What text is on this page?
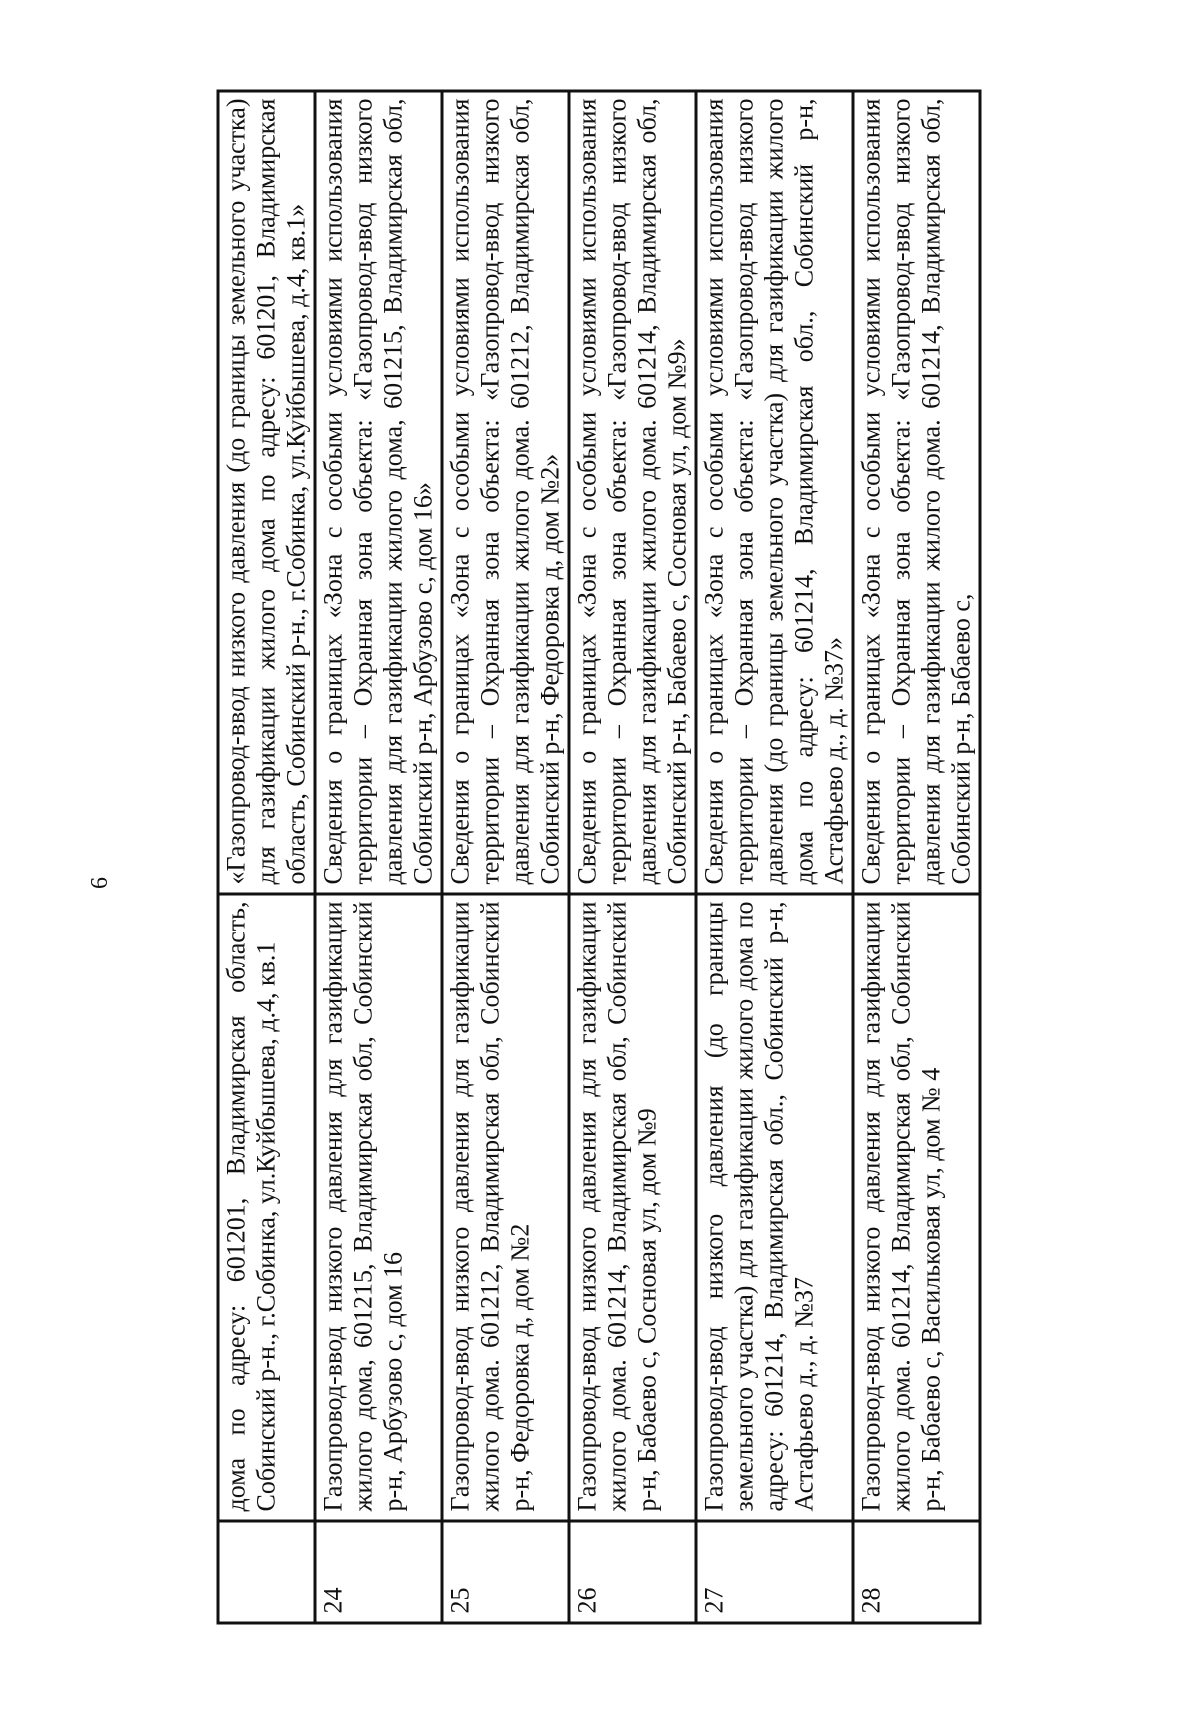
6
	дома по адресу: 601201, Владимирская область, Собинский р-н., г.Собинка, ул.Куйбышева, д.4, кв.1	«Газопровод-ввод низкого давления (до границы земельного участка) для газификации жилого дома по адресу: 601201, Владимирская область, Собинский р-н., г.Собинка, ул.Куйбышева, д.4, кв.1»
24	Газопровод-ввод низкого давления для газификации жилого дома, 601215, Владимирская обл, Собинский р-н, Арбузово с, дом 16	Сведения о границах «Зона с особыми условиями использования территории – Охранная зона объекта: «Газопровод-ввод низкого давления для газификации жилого дома, 601215, Владимирская обл, Собинский р-н, Арбузово с, дом 16»
25	Газопровод-ввод низкого давления для газификации жилого дома. 601212, Владимирская обл, Собинский р-н, Федоровка д, дом №2	Сведения о границах «Зона с особыми условиями использования территории – Охранная зона объекта: «Газопровод-ввод низкого давления для газификации жилого дома. 601212, Владимирская обл, Собинский р-н, Федоровка д, дом №2»
26	Газопровод-ввод низкого давления для газификации жилого дома. 601214, Владимирская обл, Собинский р-н, Бабаево с, Сосновая ул, дом №9	Сведения о границах «Зона с особыми условиями использования территории – Охранная зона объекта: «Газопровод-ввод низкого давления для газификации жилого дома. 601214, Владимирская обл, Собинский р-н, Бабаево с, Сосновая ул, дом №9»
27	Газопровод-ввод низкого давления (до границы земельного участка) для газификации жилого дома по адресу: 601214, Владимирская обл., Собинский р-н, Астафьево д., д. №37	Сведения о границах «Зона с особыми условиями использования территории – Охранная зона объекта: «Газопровод-ввод низкого давления (до границы земельного участка) для газификации жилого дома по адресу: 601214, Владимирская обл., Собинский р-н, Астафьево д., д. №37»
28	Газопровод-ввод низкого давления для газификации жилого дома. 601214, Владимирская обл, Собинский р-н, Бабаево с, Васильковая ул, дом № 4	Сведения о границах «Зона с особыми условиями использования территории – Охранная зона объекта: «Газопровод-ввод низкого давления для газификации жилого дома. 601214, Владимирская обл, Собинский р-н, Бабаево с,
